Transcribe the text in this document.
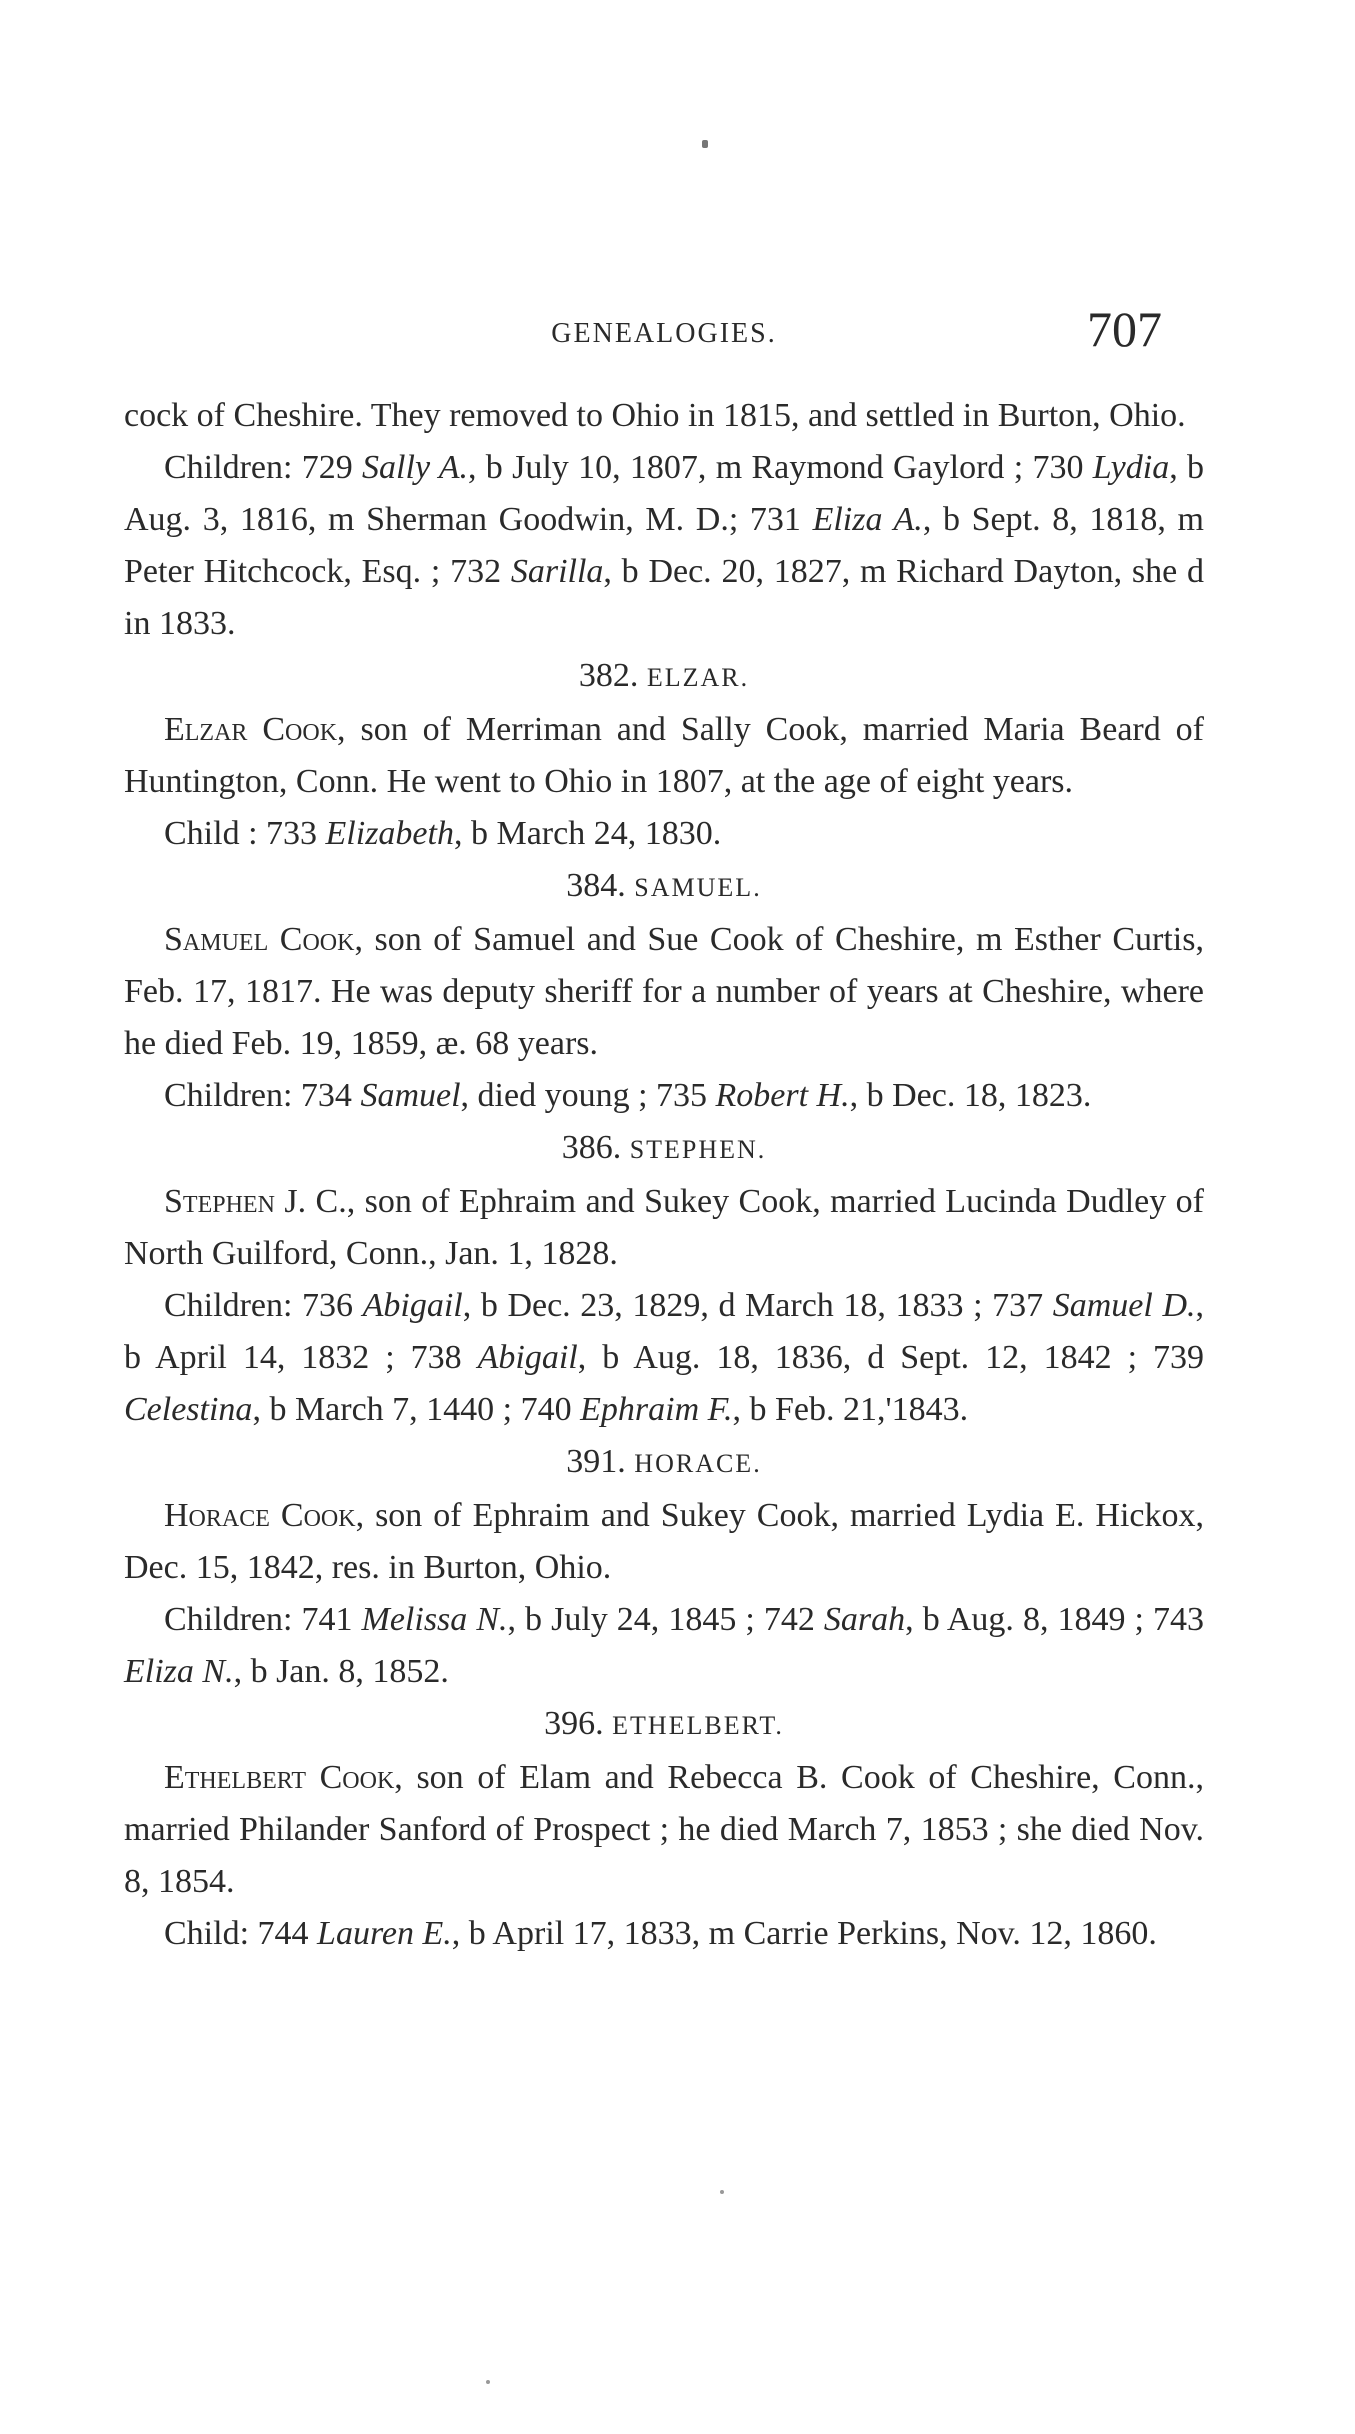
GENEALOGIES.	707

cock of Cheshire. They removed to Ohio in 1815, and settled in Burton, Ohio.

Children: 729 Sally A., b July 10, 1807, m Raymond Gaylord ; 730 Lydia, b Aug. 3, 1816, m Sherman Goodwin, M. D.; 731 Eliza A., b Sept. 8, 1818, m Peter Hitchcock, Esq. ; 732 Sarilla, b Dec. 20, 1827, m Richard Dayton, she d in 1833.

382. ELZAR.

Elzar Cook, son of Merriman and Sally Cook, married Maria Beard of Huntington, Conn. He went to Ohio in 1807, at the age of eight years.

Child : 733 Elizabeth, b March 24, 1830.

384. SAMUEL.

Samuel Cook, son of Samuel and Sue Cook of Cheshire, m Esther Curtis, Feb. 17, 1817. He was deputy sheriff for a number of years at Cheshire, where he died Feb. 19, 1859, æ. 68 years.

Children: 734 Samuel, died young ; 735 Robert H., b Dec. 18, 1823.

386. STEPHEN.

Stephen J. C., son of Ephraim and Sukey Cook, married Lucinda Dudley of North Guilford, Conn., Jan. 1, 1828.

Children: 736 Abigail, b Dec. 23, 1829, d March 18, 1833 ; 737 Samuel D., b April 14, 1832 ; 738 Abigail, b Aug. 18, 1836, d Sept. 12, 1842 ; 739 Celestina, b March 7, 1440 ; 740 Ephraim F., b Feb. 21,'1843.

391. HORACE.

Horace Cook, son of Ephraim and Sukey Cook, married Lydia E. Hickox, Dec. 15, 1842, res. in Burton, Ohio.

Children: 741 Melissa N., b July 24, 1845 ; 742 Sarah, b Aug. 8, 1849 ; 743 Eliza N., b Jan. 8, 1852.

396. ETHELBERT.

Ethelbert Cook, son of Elam and Rebecca B. Cook of Cheshire, Conn., married Philander Sanford of Prospect ; he died March 7, 1853 ; she died Nov. 8, 1854.

Child: 744 Lauren E., b April 17, 1833, m Carrie Perkins, Nov. 12, 1860.
